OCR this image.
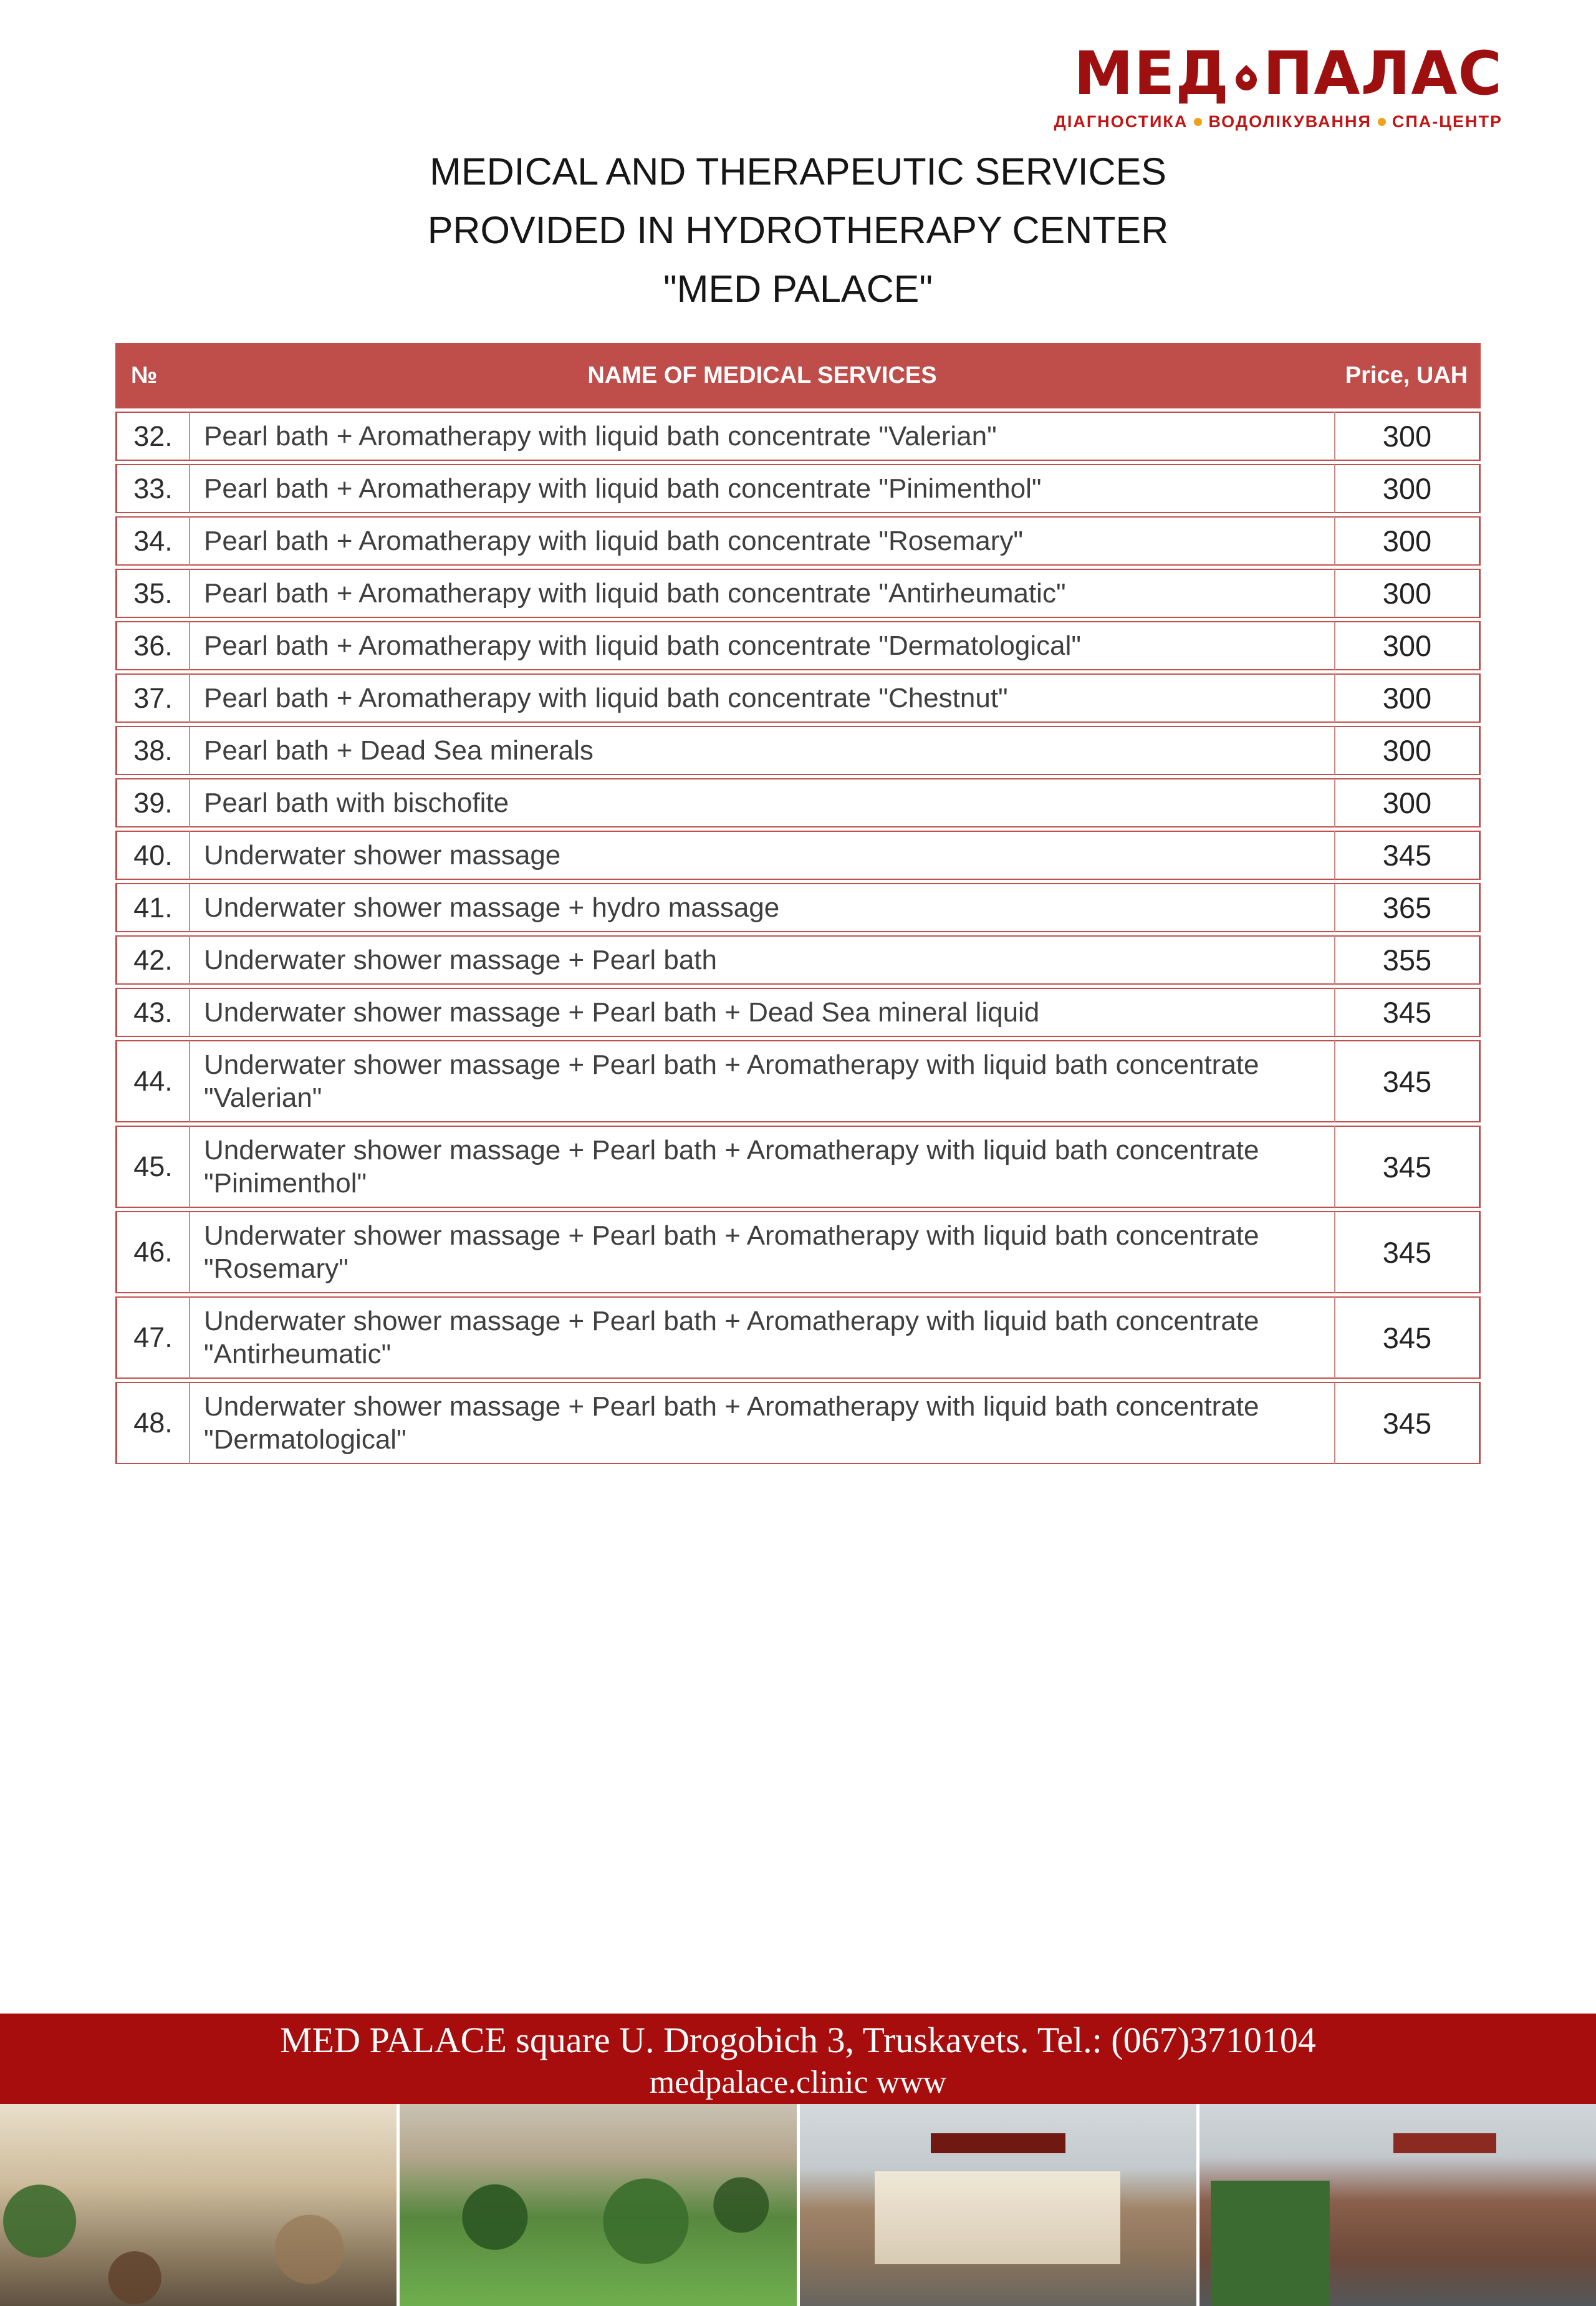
МЕД ПАЛАС
ДІАГНОСТИКА ВОДОЛІКУВАННЯ СПА-ЦЕНТР
MEDICAL AND THERAPEUTIC SERVICES
PROVIDED IN HYDROTHERAPY CENTER
"MED PALACE"
№	NAME OF MEDICAL SERVICES	Price, UAH
32.	Pearl bath + Aromatherapy with liquid bath concentrate "Valerian"	300
33.	Pearl bath + Aromatherapy with liquid bath concentrate "Pinimenthol"	300
34.	Pearl bath + Aromatherapy with liquid bath concentrate "Rosemary"	300
35.	Pearl bath + Aromatherapy with liquid bath concentrate "Antirheumatic"	300
36.	Pearl bath + Aromatherapy with liquid bath concentrate "Dermatological"	300
37.	Pearl bath + Aromatherapy with liquid bath concentrate "Chestnut"	300
38.	Pearl bath + Dead Sea minerals	300
39.	Pearl bath with bischofite	300
40.	Underwater shower massage	345
41.	Underwater shower massage + hydro massage	365
42.	Underwater shower massage + Pearl bath	355
43.	Underwater shower massage + Pearl bath + Dead Sea mineral liquid	345
44.	Underwater shower massage + Pearl bath + Aromatherapy with liquid bath concentrate "Valerian"	345
45.	Underwater shower massage + Pearl bath + Aromatherapy with liquid bath concentrate "Pinimenthol"	345
46.	Underwater shower massage + Pearl bath + Aromatherapy with liquid bath concentrate "Rosemary"	345
47.	Underwater shower massage + Pearl bath + Aromatherapy with liquid bath concentrate "Antirheumatic"	345
48.	Underwater shower massage + Pearl bath + Aromatherapy with liquid bath concentrate "Dermatological"	345
MED PALACE square U. Drogobich 3, Truskavets. Tel.: (067)3710104
medpalace.clinic www
